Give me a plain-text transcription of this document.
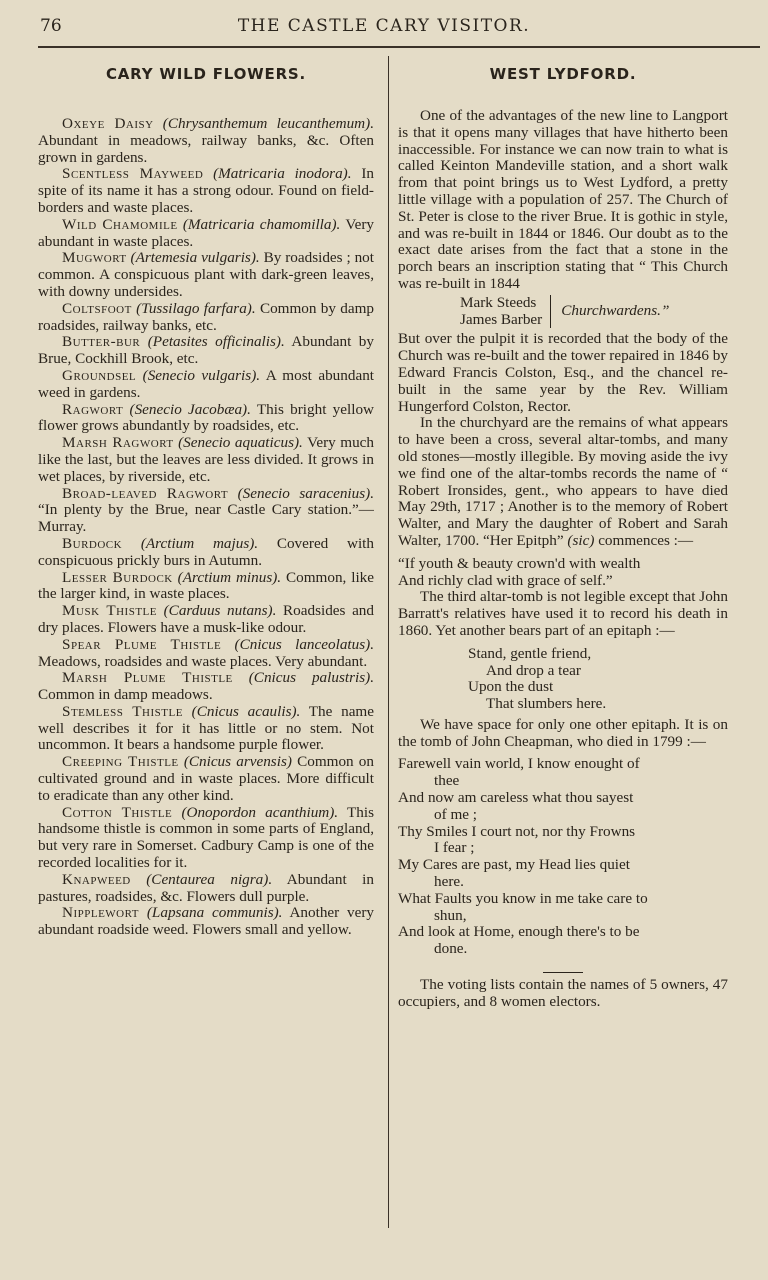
76	THE CASTLE CARY VISITOR.
CARY WILD FLOWERS.

Oxeye Daisy (Chrysanthemum leucanthemum). Abundant in meadows, railway banks, &c. Often grown in gardens.

Scentless Mayweed (Matricaria inodora). In spite of its name it has a strong odour. Found on field-borders and waste places.

Wild Chamomile (Matricaria chamomilla). Very abundant in waste places.

Mugwort (Artemesia vulgaris). By roadsides ; not common. A conspicuous plant with dark-green leaves, with downy undersides.

Coltsfoot (Tussilago farfara). Common by damp roadsides, railway banks, etc.

Butter-bur (Petasites officinalis). Abundant by Brue, Cockhill Brook, etc.

Groundsel (Senecio vulgaris). A most abundant weed in gardens.

Ragwort (Senecio Jacobæa). This bright yellow flower grows abundantly by roadsides, etc.

Marsh Ragwort (Senecio aquaticus). Very much like the last, but the leaves are less divided. It grows in wet places, by riverside, etc.

Broad-leaved Ragwort (Senecio saracenius). “In plenty by the Brue, near Castle Cary station.”—Murray.

Burdock (Arctium majus). Covered with conspicuous prickly burs in Autumn.

Lesser Burdock (Arctium minus). Common, like the larger kind, in waste places.

Musk Thistle (Carduus nutans). Roadsides and dry places. Flowers have a musk-like odour.

Spear Plume Thistle (Cnicus lanceolatus). Meadows, roadsides and waste places. Very abundant.

Marsh Plume Thistle (Cnicus palustris). Common in damp meadows.

Stemless Thistle (Cnicus acaulis). The name well describes it for it has little or no stem. Not uncommon. It bears a handsome purple flower.

Creeping Thistle (Cnicus arvensis) Common on cultivated ground and in waste places. More difficult to eradicate than any other kind.

Cotton Thistle (Onopordon acanthium). This handsome thistle is common in some parts of England, but very rare in Somerset. Cadbury Camp is one of the recorded localities for it.

Knapweed (Centaurea nigra). Abundant in pastures, roadsides, &c. Flowers dull purple.

Nipplewort (Lapsana communis). Another very abundant roadside weed. Flowers small and yellow.

WEST LYDFORD.

One of the advantages of the new line to Langport is that it opens many villages that have hitherto been inaccessible. For instance we can now train to what is called Keinton Mandeville station, and a short walk from that point brings us to West Lydford, a pretty little village with a population of 257. The Church of St. Peter is close to the river Brue. It is gothic in style, and was re-built in 1844 or 1846. Our doubt as to the exact date arises from the fact that a stone in the porch bears an inscription stating that “ This Church was re-built in 1844

Mark Steeds
James Barber Churchwardens.”

But over the pulpit it is recorded that the body of the Church was re-built and the tower repaired in 1846 by Edward Francis Colston, Esq., and the chancel re-built in the same year by the Rev. William Hungerford Colston, Rector.

In the churchyard are the remains of what appears to have been a cross, several altar-tombs, and many old stones—mostly illegible. By moving aside the ivy we find one of the altar-tombs records the name of “ Robert Ironsides, gent., who appears to have died May 29th, 1717 ; Another is to the memory of Robert Walter, and Mary the daughter of Robert and Sarah Walter, 1700. “Her Epitph” (sic) commences :—

“If youth & beauty crown'd with wealth
And richly clad with grace of self.”

The third altar-tomb is not legible except that John Barratt's relatives have used it to record his death in 1860. Yet another bears part of an epitaph :—

Stand, gentle friend,
And drop a tear
Upon the dust
That slumbers here.

We have space for only one other epitaph. It is on the tomb of John Cheapman, who died in 1799 :—

Farewell vain world, I know enought of
thee
And now am careless what thou sayest
of me ;
Thy Smiles I court not, nor thy Frowns
I fear ;
My Cares are past, my Head lies quiet
here.
What Faults you know in me take care to
shun,
And look at Home, enough there's to be
done.

The voting lists contain the names of 5 owners, 47 occupiers, and 8 women electors.
